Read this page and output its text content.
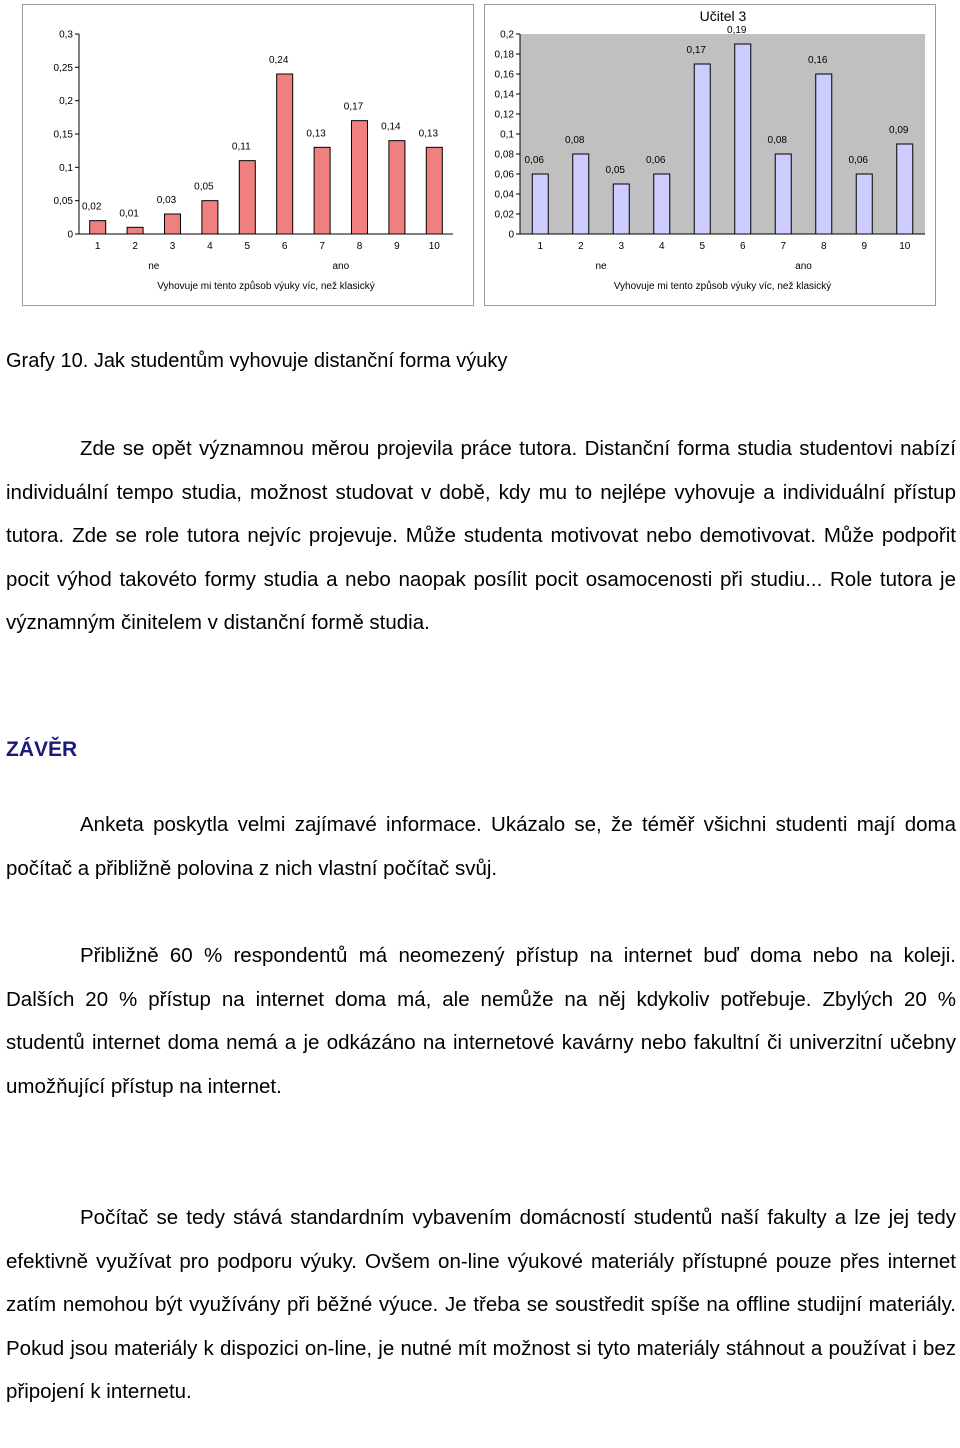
0
0,05
0,1
0,15
0,2
0,25
0,3
0,02
1
0,01
2
0,03
3
0,05
4
0,11
5
0,24
6
0,13
7
0,17
8
0,14
9
0,13
10
ne	ano
Vyhovuje mi tento způsob výuky víc, než klasický
0
0,02
0,04
0,06
0,08
0,1
0,12
0,14
0,16
0,18
0,2
0,06
1
0,08
2
0,05
3
0,06
4
0,17
5
0,19
6
0,08
7
0,16
8
0,06
9
0,09
10
ne	ano
Vyhovuje mi tento způsob výuky víc, než klasický
Učitel 3
Grafy 10. Jak studentům vyhovuje distanční forma výuky

Zde se opět významnou měrou projevila práce tutora. Distanční forma studia studentovi nabízí individuální tempo studia, možnost studovat v době, kdy mu to nejlépe vyhovuje a individuální přístup tutora. Zde se role tutora nejvíc projevuje. Může studenta motivovat nebo demotivovat. Může podpořit pocit výhod takovéto formy studia a nebo naopak posílit pocit osamocenosti při studiu... Role tutora je významným činitelem v distanční formě studia.

ZÁVĚR

Anketa poskytla velmi zajímavé informace. Ukázalo se, že téměř všichni studenti mají doma počítač a přibližně polovina z nich vlastní počítač svůj.

Přibližně 60 % respondentů má neomezený přístup na internet buď doma nebo na koleji. Dalších 20 % přístup na internet doma má, ale nemůže na něj kdykoliv potřebuje. Zbylých 20 % studentů internet doma nemá a je odkázáno na internetové kavárny nebo fakultní či univerzitní učebny umožňující přístup na internet.

Počítač se tedy stává standardním vybavením domácností studentů naší fakulty a lze jej tedy efektivně využívat pro podporu výuky. Ovšem on-line výukové materiály přístupné pouze přes internet zatím nemohou být využívány při běžné výuce. Je třeba se soustředit spíše na offline studijní materiály. Pokud jsou materiály k dispozici on-line, je nutné mít možnost si tyto materiály stáhnout a používat i bez připojení k internetu.
